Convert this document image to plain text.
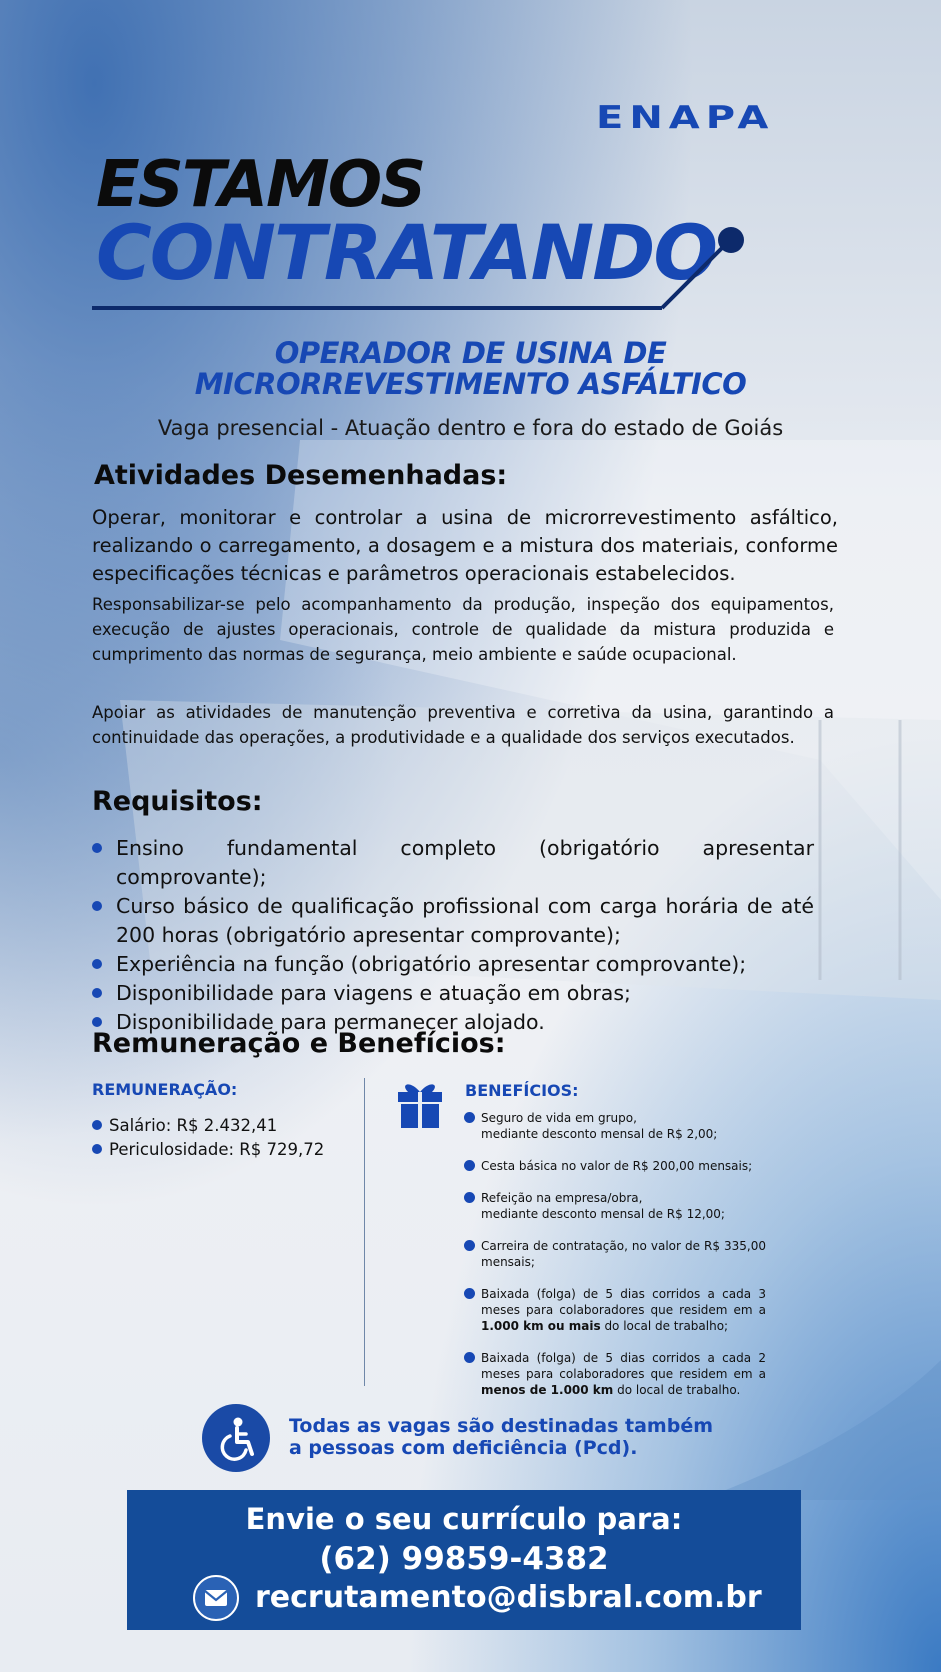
ENAPA
ESTAMOS
CONTRATANDO
OPERADOR DE USINA DE
MICRORREVESTIMENTO ASFÁLTICO
Vaga presencial - Atuação dentro e fora do estado de Goiás
Atividades Desemenhadas:
Operar, monitorar e controlar a usina de microrrevestimento asfáltico, realizando o carregamento, a dosagem e a mistura dos materiais, conforme especificações técnicas e parâmetros operacionais estabelecidos.
Responsabilizar-se pelo acompanhamento da produção, inspeção dos equipamentos, execução de ajustes operacionais, controle de qualidade da mistura produzida e cumprimento das normas de segurança, meio ambiente e saúde ocupacional.
Apoiar as atividades de manutenção preventiva e corretiva da usina, garantindo a continuidade das operações, a produtividade e a qualidade dos serviços executados.
Requisitos:
Ensino fundamental completo (obrigatório apresentar comprovante);
Curso básico de qualificação profissional com carga horária de até 200 horas (obrigatório apresentar comprovante);
Experiência na função (obrigatório apresentar comprovante);
Disponibilidade para viagens e atuação em obras;
Disponibilidade para permanecer alojado.
Remuneração e Benefícios:
REMUNERAÇÃO:
Salário: R$ 2.432,41
Periculosidade: R$ 729,72
BENEFÍCIOS:
Seguro de vida em grupo,
mediante desconto mensal de R$ 2,00;
Cesta básica no valor de R$ 200,00 mensais;
Refeição na empresa/obra,
mediante desconto mensal de R$ 12,00;
Carreira de contratação, no valor de R$ 335,00 mensais;
Baixada (folga) de 5 dias corridos a cada 3 meses para colaboradores que residem em a 1.000 km ou mais do local de trabalho;
Baixada (folga) de 5 dias corridos a cada 2 meses para colaboradores que residem em a menos de 1.000 km do local de trabalho.
Todas as vagas são destinadas também
a pessoas com deficiência (Pcd).
Envie o seu currículo para:
(62) 99859-4382
recrutamento@disbral.com.br
